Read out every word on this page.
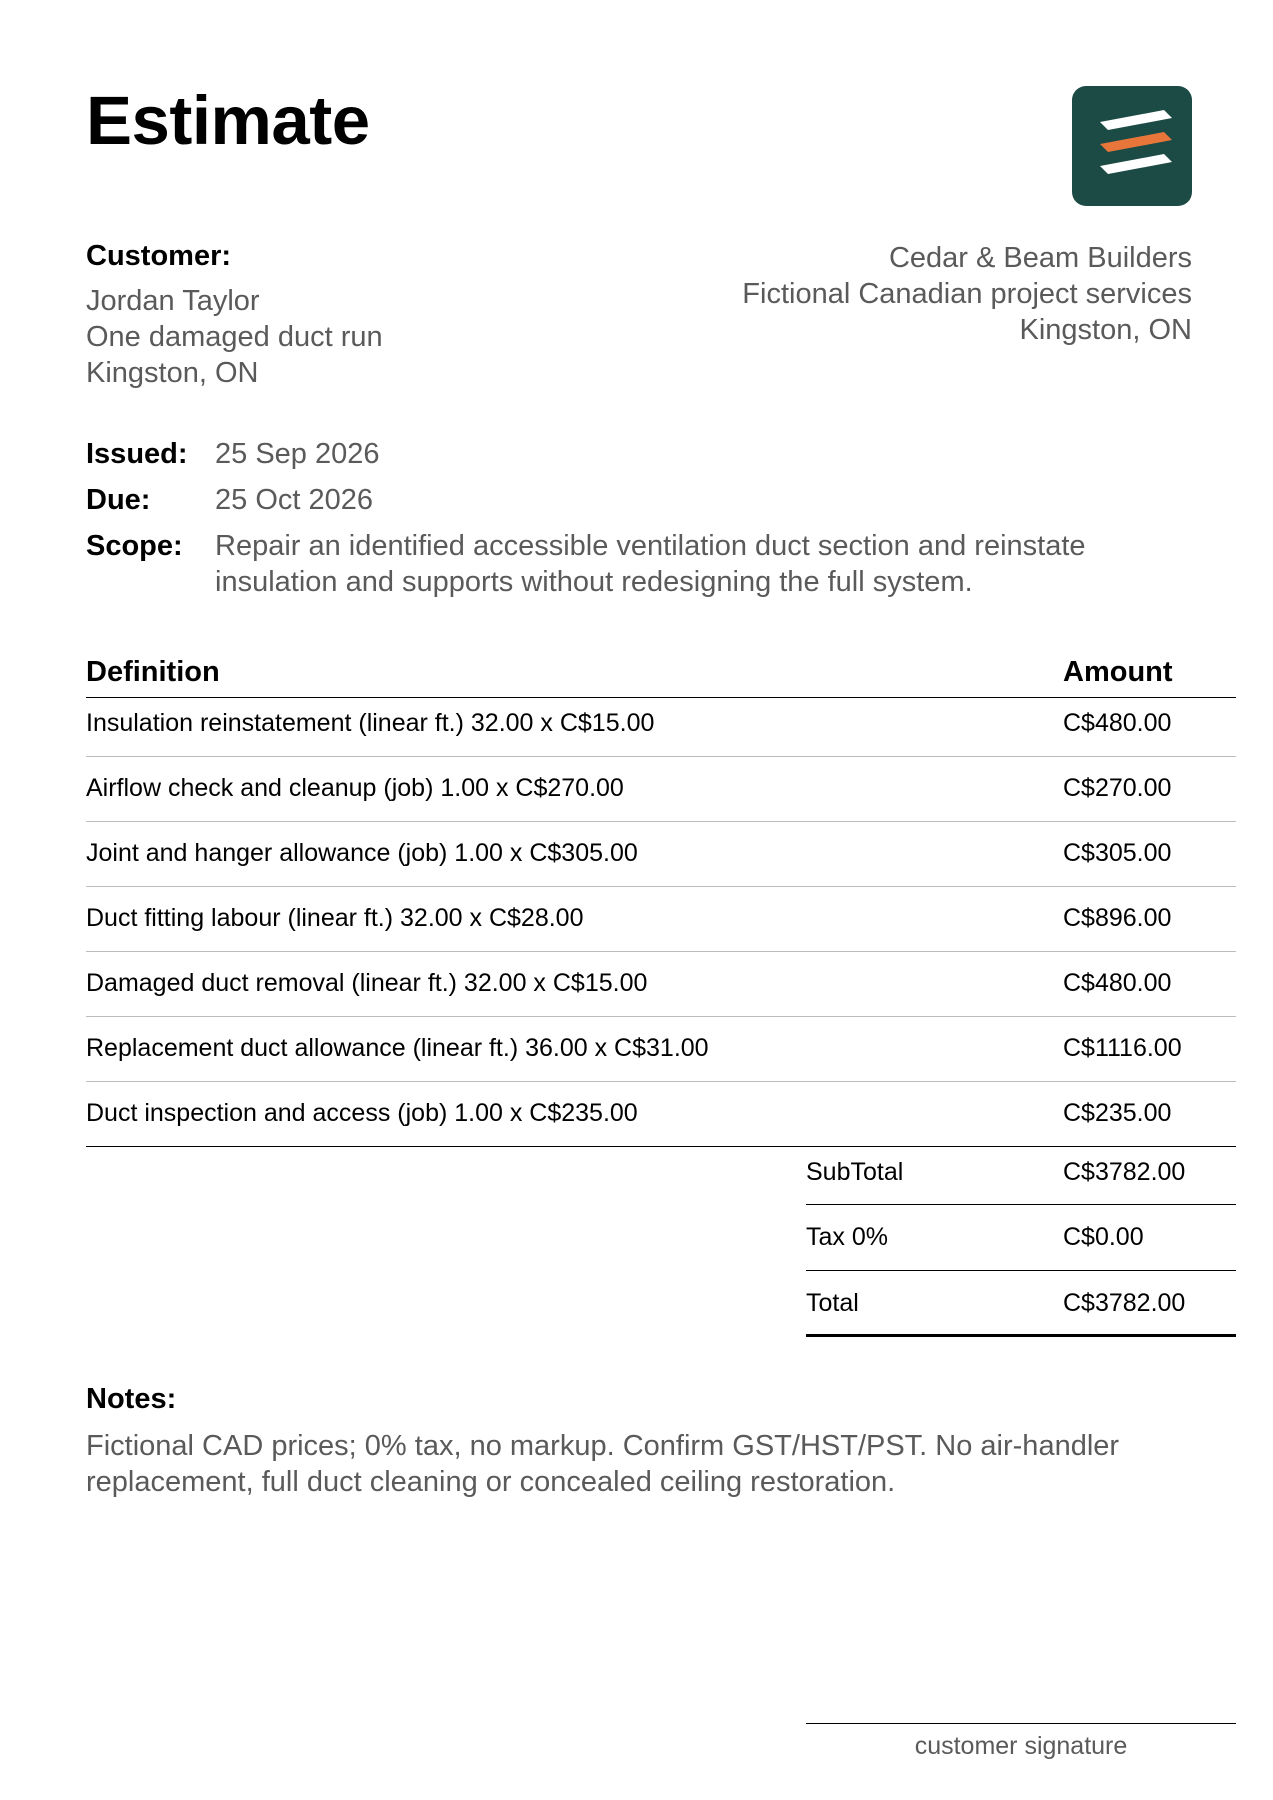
Estimate
Customer:
Jordan Taylor
One damaged duct run
Kingston, ON
Cedar & Beam Builders
Fictional Canadian project services
Kingston, ON
Issued: 25 Sep 2026
Due: 25 Oct 2026
Scope: Repair an identified accessible ventilation duct section and reinstate insulation and supports without redesigning the full system.
Definition	Amount
Insulation reinstatement (linear ft.) 32.00 x C$15.00	C$480.00
Airflow check and cleanup (job) 1.00 x C$270.00	C$270.00
Joint and hanger allowance (job) 1.00 x C$305.00	C$305.00
Duct fitting labour (linear ft.) 32.00 x C$28.00	C$896.00
Damaged duct removal (linear ft.) 32.00 x C$15.00	C$480.00
Replacement duct allowance (linear ft.) 36.00 x C$31.00	C$1116.00
Duct inspection and access (job) 1.00 x C$235.00	C$235.00
SubTotal	C$3782.00
Tax 0%	C$0.00
Total	C$3782.00
Notes:
Fictional CAD prices; 0% tax, no markup. Confirm GST/HST/PST. No air-handler replacement, full duct cleaning or concealed ceiling restoration.
customer signature
